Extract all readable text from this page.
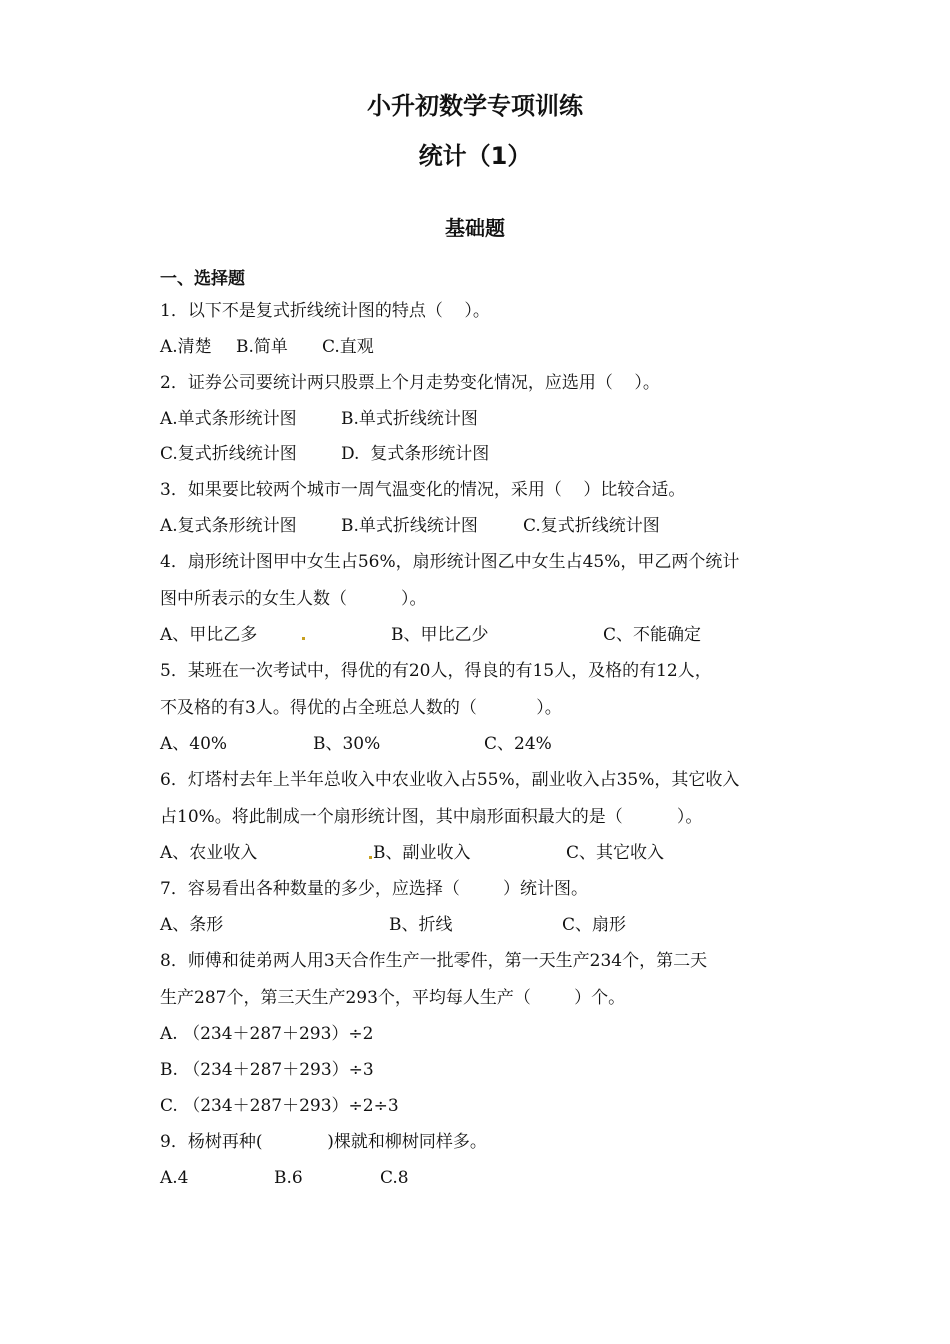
小升初数学专项训练
统计（1）
基础题
一、选择题
1．以下不是复式折线统计图的特点（    ）。
A.清楚 B.简单 C.直观
2．证券公司要统计两只股票上个月走势变化情况，应选用（    ）。
A.单式条形统计图	B.单式折线统计图
C.复式折线统计图	D.  复式条形统计图
3．如果要比较两个城市一周气温变化的情况，采用（    ）比较合适。
A.复式条形统计图	B.单式折线统计图	C.复式折线统计图
4．扇形统计图甲中女生占56%，扇形统计图乙中女生占45%，甲乙两个统计
图中所表示的女生人数（          ）。
A、甲比乙多	B、甲比乙少	C、不能确定
5．某班在一次考试中，得优的有20人，得良的有15人，及格的有12人，
不及格的有3人。得优的占全班总人数的（           ）。
A、40%	B、30%	C、24%
6．灯塔村去年上半年总收入中农业收入占55%，副业收入占35%，其它收入
占10%。将此制成一个扇形统计图，其中扇形面积最大的是（          ）。
A、农业收入	B、副业收入	C、其它收入
7．容易看出各种数量的多少，应选择（        ）统计图。
A、条形	B、折线	C、扇形
8．师傅和徒弟两人用3天合作生产一批零件，第一天生产234个，第二天
生产287个，第三天生产293个，平均每人生产（        ）个。
A. （234＋287＋293）÷2
B. （234＋287＋293）÷3
C. （234＋287＋293）÷2÷3
9．杨树再种(            )棵就和柳树同样多。
A.4	B.6	C.8
